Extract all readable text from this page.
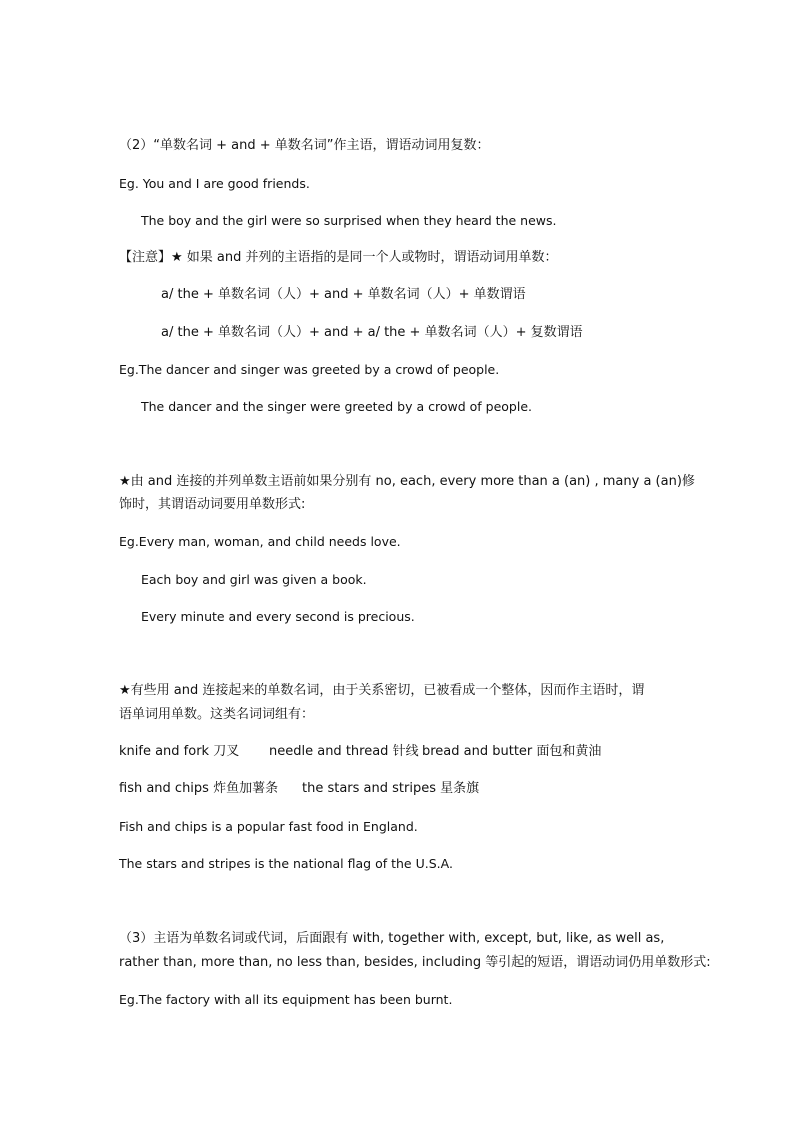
（2）“单数名词 + and + 单数名词”作主语，谓语动词用复数：
Eg. You and I are good friends.
The boy and the girl were so surprised when they heard the news.
【注意】★ 如果 and 并列的主语指的是同一个人或物时，谓语动词用单数：
a/ the + 单数名词（人）+ and + 单数名词（人）+ 单数谓语
a/ the + 单数名词（人）+ and + a/ the + 单数名词（人）+ 复数谓语
Eg.The dancer and singer was greeted by a crowd of people.
The dancer and the singer were greeted by a crowd of people.
★由 and 连接的并列单数主语前如果分别有 no, each, every more than a (an) , many a (an)修
饰时，其谓语动词要用单数形式:
Eg.Every man, woman, and child needs love.
Each boy and girl was given a book.
Every minute and every second is precious.
★有些用 and 连接起来的单数名词，由于关系密切，已被看成一个整体，因而作主语时，谓
语单词用单数。这类名词词组有：
knife and fork 刀叉 needle and thread 针线 bread and butter 面包和黄油
fish and chips 炸鱼加薯条 the stars and stripes 星条旗
Fish and chips is a popular fast food in England.
The stars and stripes is the national flag of the U.S.A.
（3）主语为单数名词或代词，后面跟有 with, together with, except, but, like, as well as,
rather than, more than, no less than, besides, including 等引起的短语，谓语动词仍用单数形式:
Eg.The factory with all its equipment has been burnt.
